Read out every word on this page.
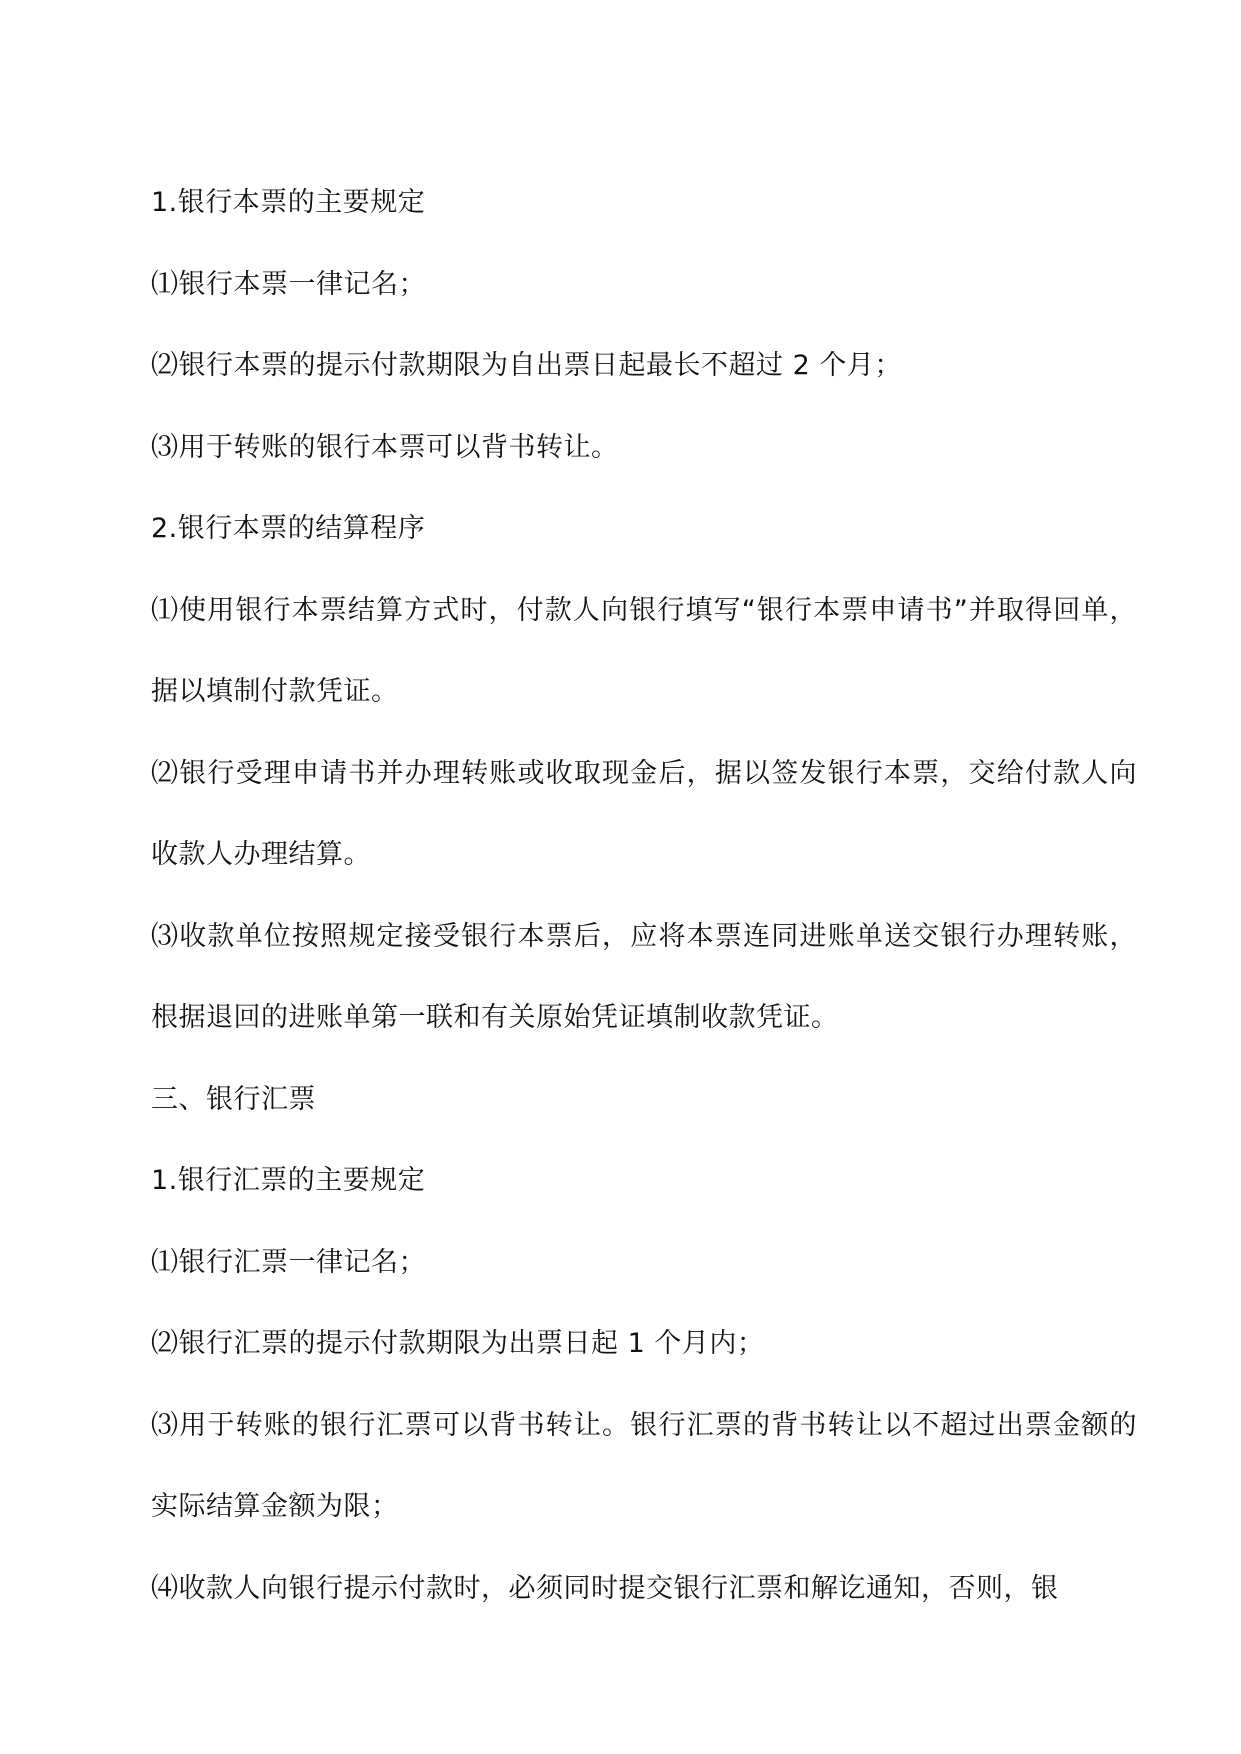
1.银行本票的主要规定

⑴银行本票一律记名；

⑵银行本票的提示付款期限为自出票日起最长不超过 2 个月；

⑶用于转账的银行本票可以背书转让。

2.银行本票的结算程序

⑴使用银行本票结算方式时，付款人向银行填写“银行本票申请书”并取得回单，据以填制付款凭证。

⑵银行受理申请书并办理转账或收取现金后，据以签发银行本票，交给付款人向收款人办理结算。

⑶收款单位按照规定接受银行本票后，应将本票连同进账单送交银行办理转账，根据退回的进账单第一联和有关原始凭证填制收款凭证。

三、银行汇票

1.银行汇票的主要规定

⑴银行汇票一律记名；

⑵银行汇票的提示付款期限为出票日起 1 个月内；

⑶用于转账的银行汇票可以背书转让。银行汇票的背书转让以不超过出票金额的实际结算金额为限；

⑷收款人向银行提示付款时，必须同时提交银行汇票和解讫通知，否则，银
